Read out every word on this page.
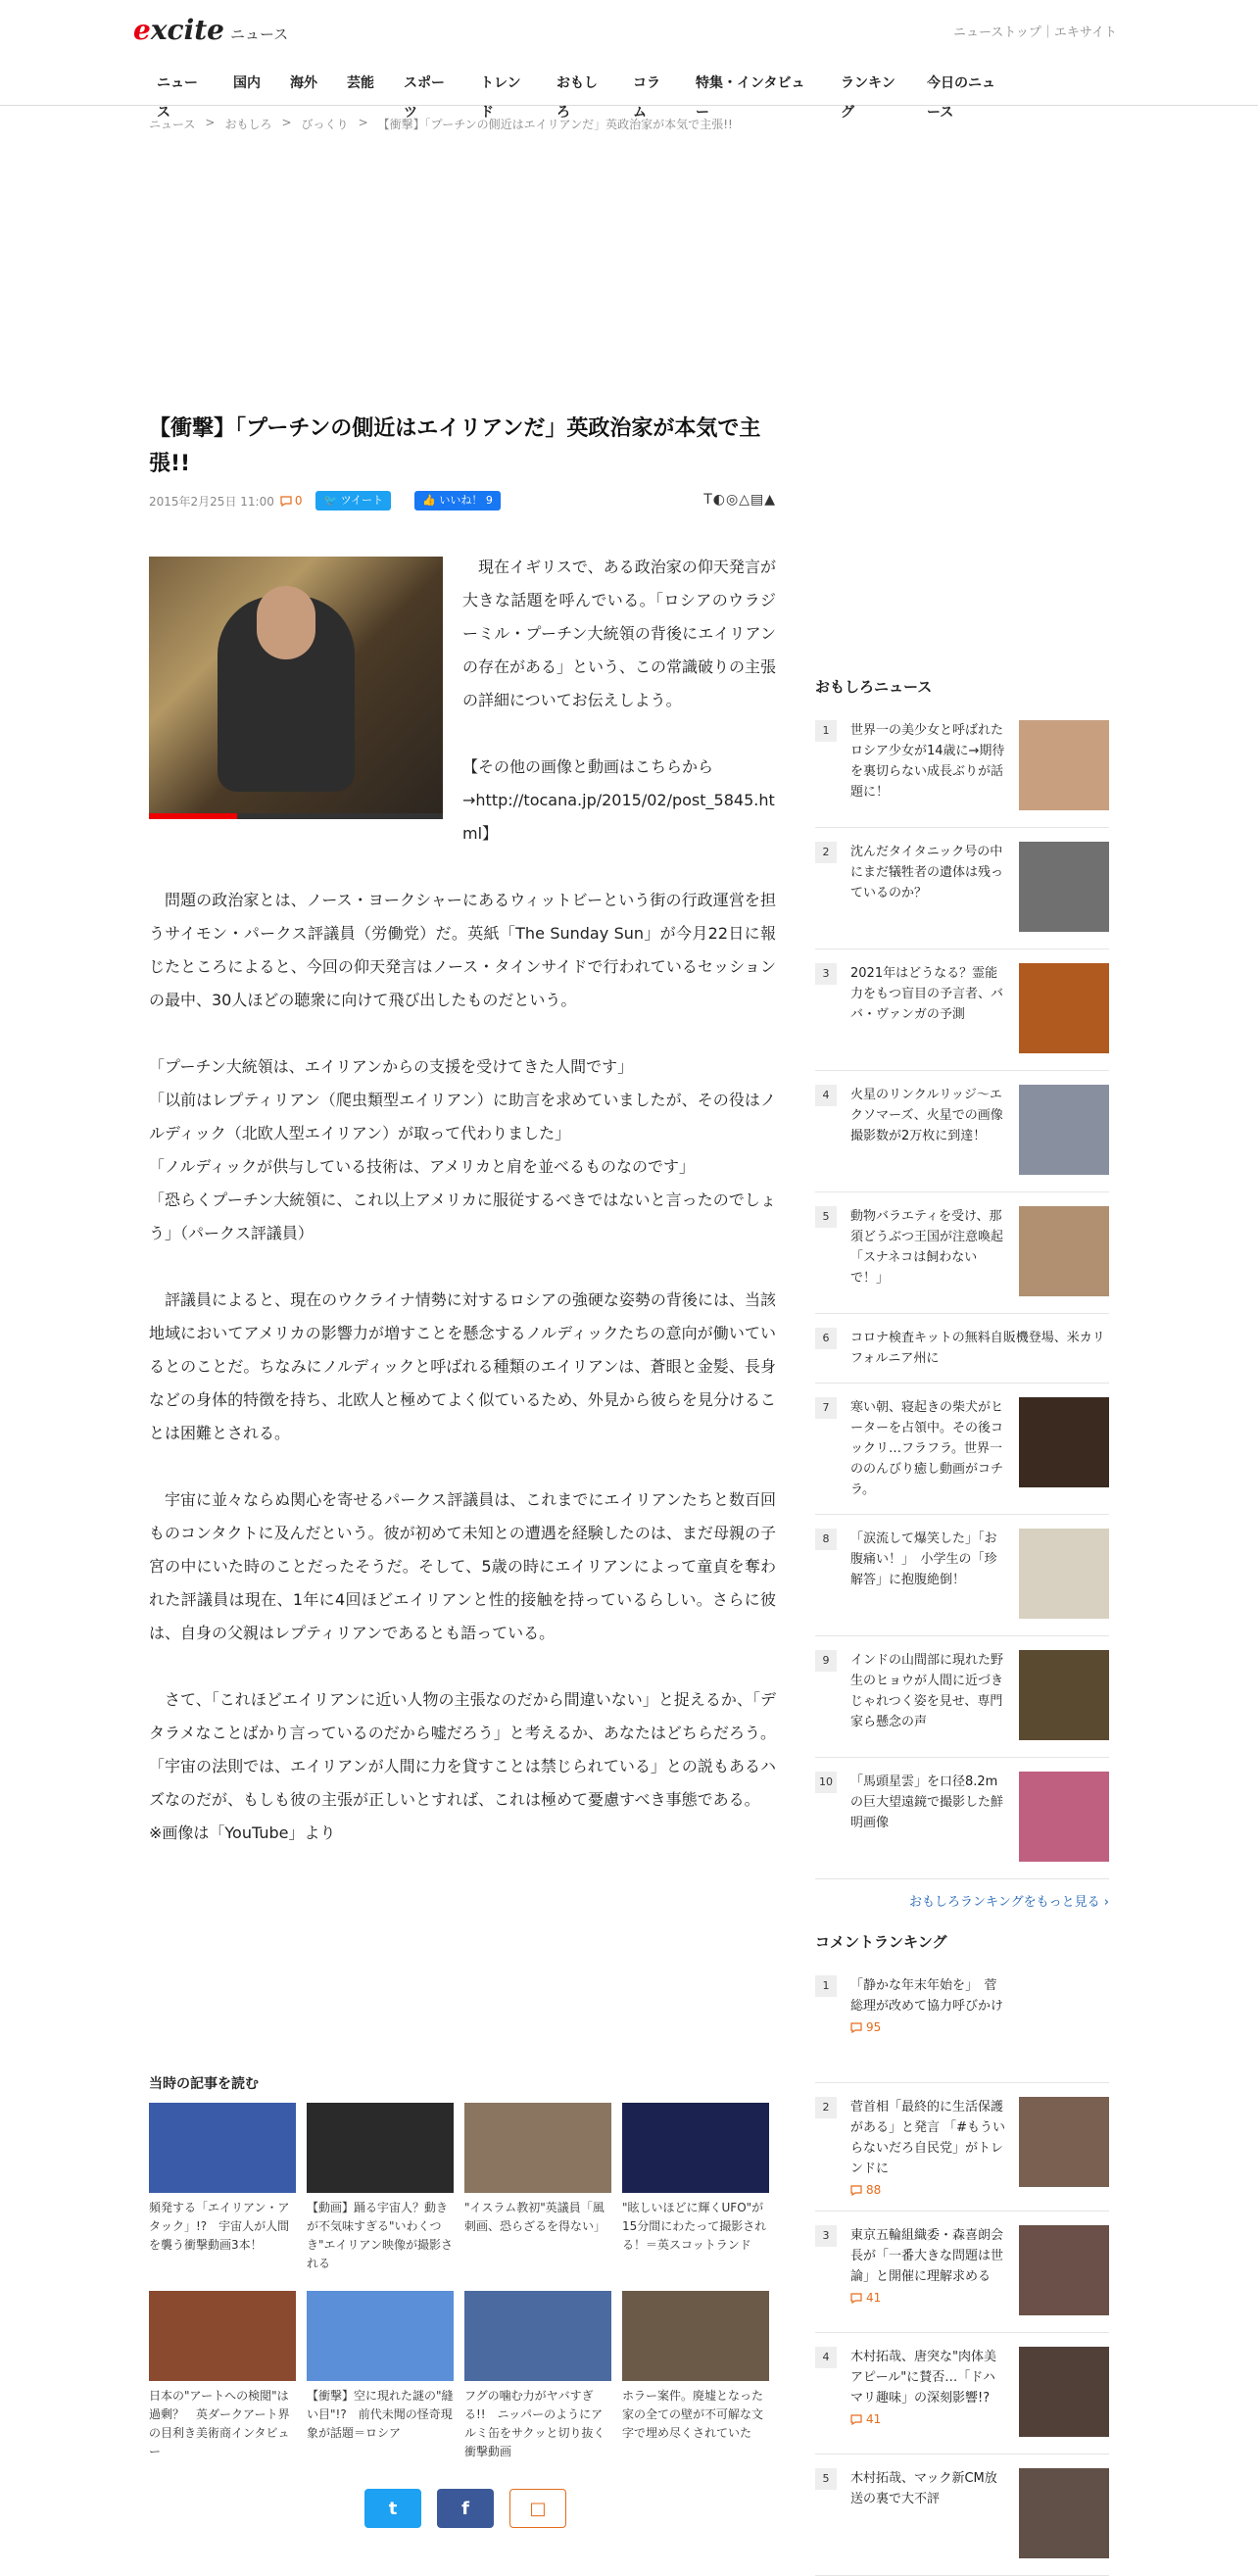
excite ニュース	ニューストップ｜エキサイト
ニュース
国内	海外	芸能	スポーツ
トレンド
おもしろ
コラム
特集・インタビュー
ランキング
今日のニュース
ニュース > おもしろ > びっくり > 【衝撃】「プーチンの側近はエイリアンだ」英政治家が本気で主張!!
【衝撃】「プーチンの側近はエイリアンだ」英政治家が本気で主張!!
2015年2月25日 11:00 0	🐦 ツイート	👍 いいね！ 9	T◐◎△▤▲

現在イギリスで、ある政治家の仰天発言が大きな話題を呼んでいる。「ロシアのウラジーミル・プーチン大統領の背後にエイリアンの存在がある」という、この常識破りの主張の詳細についてお伝えしよう。

【その他の画像と動画はこちらから
→http://tocana.jp/2015/02/post_5845.html】

問題の政治家とは、ノース・ヨークシャーにあるウィットビーという街の行政運営を担うサイモン・パークス評議員（労働党）だ。英紙「The Sunday Sun」が今月22日に報じたところによると、今回の仰天発言はノース・タインサイドで行われているセッションの最中、30人ほどの聴衆に向けて飛び出したものだという。

「プーチン大統領は、エイリアンからの支援を受けてきた人間です」

「以前はレプティリアン（爬虫類型エイリアン）に助言を求めていましたが、その役はノルディック（北欧人型エイリアン）が取って代わりました」

「ノルディックが供与している技術は、アメリカと肩を並べるものなのです」

「恐らくプーチン大統領に、これ以上アメリカに服従するべきではないと言ったのでしょう」（パークス評議員）

評議員によると、現在のウクライナ情勢に対するロシアの強硬な姿勢の背後には、当該地域においてアメリカの影響力が増すことを懸念するノルディックたちの意向が働いているとのことだ。ちなみにノルディックと呼ばれる種類のエイリアンは、蒼眼と金髪、長身などの身体的特徴を持ち、北欧人と極めてよく似ているため、外見から彼らを見分けることは困難とされる。

宇宙に並々ならぬ関心を寄せるパークス評議員は、これまでにエイリアンたちと数百回ものコンタクトに及んだという。彼が初めて未知との遭遇を経験したのは、まだ母親の子宮の中にいた時のことだったそうだ。そして、5歳の時にエイリアンによって童貞を奪われた評議員は現在、1年に4回ほどエイリアンと性的接触を持っているらしい。さらに彼は、自身の父親はレプティリアンであるとも語っている。

さて、「これほどエイリアンに近い人物の主張なのだから間違いない」と捉えるか、「デタラメなことばかり言っているのだから嘘だろう」と考えるか、あなたはどちらだろう。「宇宙の法則では、エイリアンが人間に力を貸すことは禁じられている」との説もあるハズなのだが、もしも彼の主張が正しいとすれば、これは極めて憂慮すべき事態である。

※画像は「YouTube」より

当時の記事を読む
頻発する「エイリアン・アタック」!?　宇宙人が人間を襲う衝撃動画3本！
【動画】踊る宇宙人？動きが不気味すぎる"いわくつき"エイリアン映像が撮影される
"イスラム教初"英議員「風刺画、恐らざるを得ない」
"眩しいほどに輝くUFO"が15分間にわたって撮影される！＝英スコットランド
日本の"アートへの検閲"は過剰？　英ダークアート界の目利き美術商インタビュー
【衝撃】空に現れた謎の"縫い目"!?　前代未聞の怪奇現象が話題＝ロシア
フグの噛む力がヤバすぎる!!　ニッパーのようにアルミ缶をサクッと切り抜く衝撃動画
ホラー案件。廃墟となった家の全ての壁が不可解な文字で埋め尽くされていた
t	f	□
おもしろニュース
1	世界一の美少女と呼ばれたロシア少女が14歳に→期待を裏切らない成長ぶりが話題に！
2	沈んだタイタニック号の中にまだ犠牲者の遺体は残っているのか？
3	2021年はどうなる？霊能力をもつ盲目の予言者、ババ・ヴァンガの予測
4	火星のリンクルリッジ～エクソマーズ、火星での画像撮影数が2万枚に到達！
5	動物バラエティを受け、那須どうぶつ王国が注意喚起 「スナネコは飼わないで！」
6	コロナ検査キットの無料自販機登場、米カリフォルニア州に
7	寒い朝、寝起きの柴犬がヒーターを占領中。その後コックリ…フラフラ。世界一ののんびり癒し動画がコチラ。
8	「涙流して爆笑した」「お腹痛い！」　小学生の「珍解答」に抱腹絶倒！
9	インドの山間部に現れた野生のヒョウが人間に近づきじゃれつく姿を見せ、専門家ら懸念の声
10	「馬頭星雲」を口径8.2mの巨大望遠鏡で撮影した鮮明画像
おもしろランキングをもっと見る ›
コメントランキング
1	「静かな年末年始を」　菅総理が改めて協力呼びかけ
95
2	菅首相「最終的に生活保護がある」と発言 「#もういらないだろ自民党」がトレンドに
88
3	東京五輪組織委・森喜朗会長が「一番大きな問題は世論」と開催に理解求める
41
4	木村拓哉、唐突な"肉体美アピール"に賛否…「ドハマリ趣味」の深刻影響!?
41
5	木村拓哉、マック新CM放送の裏で大不評
